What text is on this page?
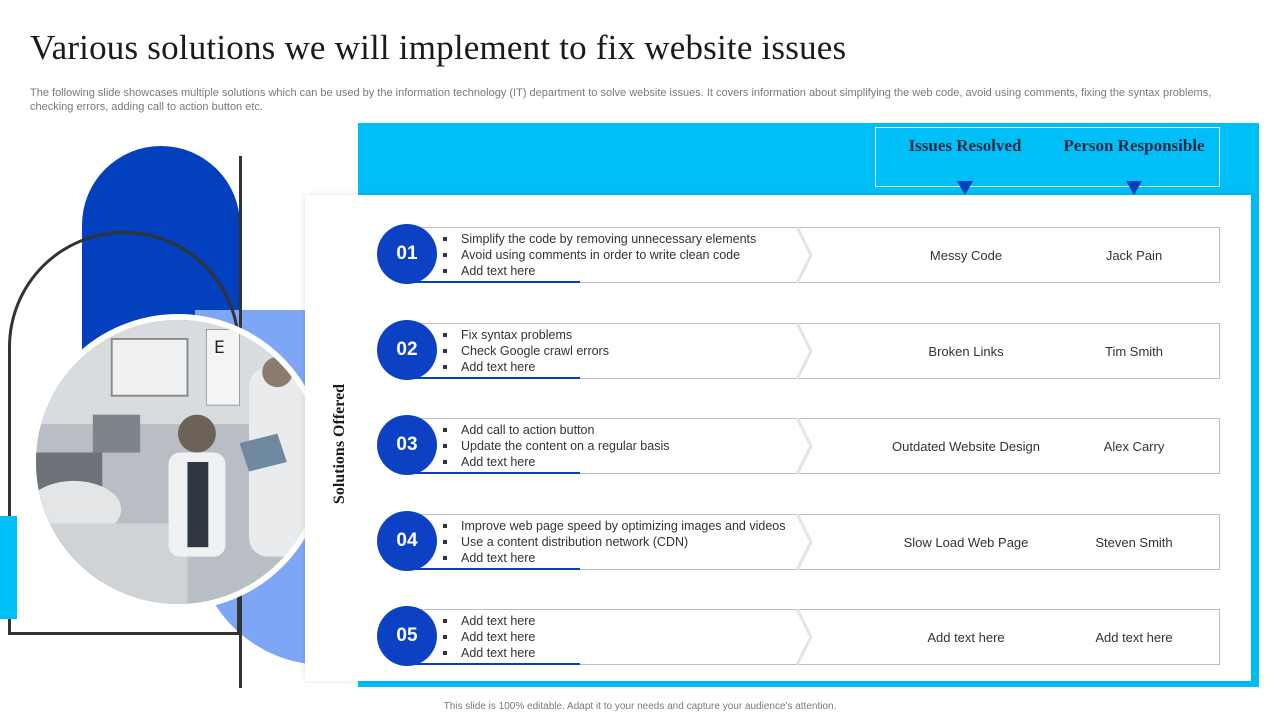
Various solutions we will implement to fix website issues
The following slide showcases multiple solutions which can be used by the information technology (IT) department to solve website issues. It covers information about simplifying the web code, avoid using comments, fixing the syntax problems, checking errors, adding call to action button etc.
E
Issues Resolved	Person Responsible
Solutions Offered
01
Simplify the code by removing unnecessary elements
Avoid using comments in order to write clean code
Add text here
Messy Code	Jack Pain
02
Fix syntax problems
Check Google crawl errors
Add text here
Broken Links	Tim Smith
03
Add call to action button
Update the content on a regular basis
Add text here
Outdated Website Design	Alex Carry
04
Improve web page speed by optimizing images and videos
Use a content distribution network (CDN)
Add text here
Slow Load Web Page	Steven Smith
05
Add text here
Add text here
Add text here
Add text here	Add text here
This slide is 100% editable. Adapt it to your needs and capture your audience's attention.
